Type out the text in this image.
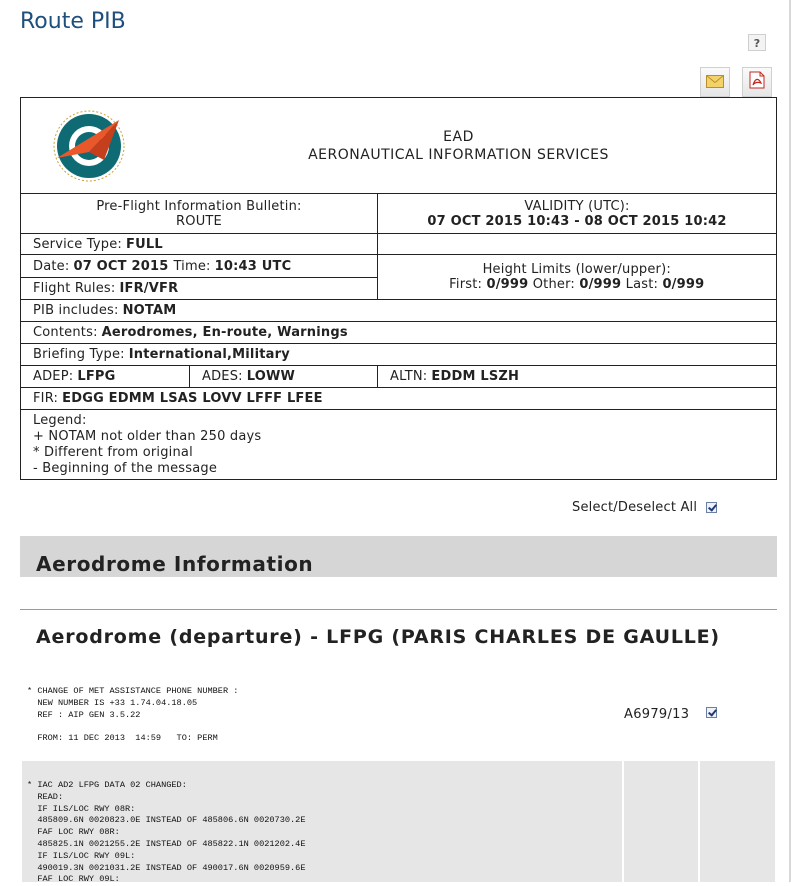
Route PIB
?
EAD
AERONAUTICAL INFORMATION SERVICES
Pre-Flight Information Bulletin:
ROUTE
VALIDITY (UTC):
07 OCT 2015 10:43 - 08 OCT 2015 10:42
Service Type: FULL
Date: 07 OCT 2015 Time: 10:43 UTC
Flight Rules: IFR/VFR
Height Limits (lower/upper):
First: 0/999 Other: 0/999 Last: 0/999
PIB includes: NOTAM
Contents: Aerodromes, En-route, Warnings
Briefing Type: International,Military
ADEP: LFPG	ADES: LOWW	ALTN: EDDM LSZH
FIR: EDGG EDMM LSAS LOVV LFFF LFEE
Legend:
+ NOTAM not older than 250 days
* Different from original
- Beginning of the message
Select/Deselect All
Aerodrome Information
Aerodrome (departure) - LFPG (PARIS CHARLES DE GAULLE)
* CHANGE OF MET ASSISTANCE PHONE NUMBER :
NEW NUMBER IS +33 1.74.04.18.05
REF : AIP GEN 3.5.22

FROM: 11 DEC 2013  14:59   TO: PERM
A6979/13
* IAC AD2 LFPG DATA 02 CHANGED:
READ:
IF ILS/LOC RWY 08R:
485809.6N 0020823.0E INSTEAD OF 485806.6N 0020730.2E
FAF LOC RWY 08R:
485825.1N 0021255.2E INSTEAD OF 485822.1N 0021202.4E
IF ILS/LOC RWY 09L:
490019.3N 0021031.2E INSTEAD OF 490017.6N 0020959.6E
FAF LOC RWY 09L:
